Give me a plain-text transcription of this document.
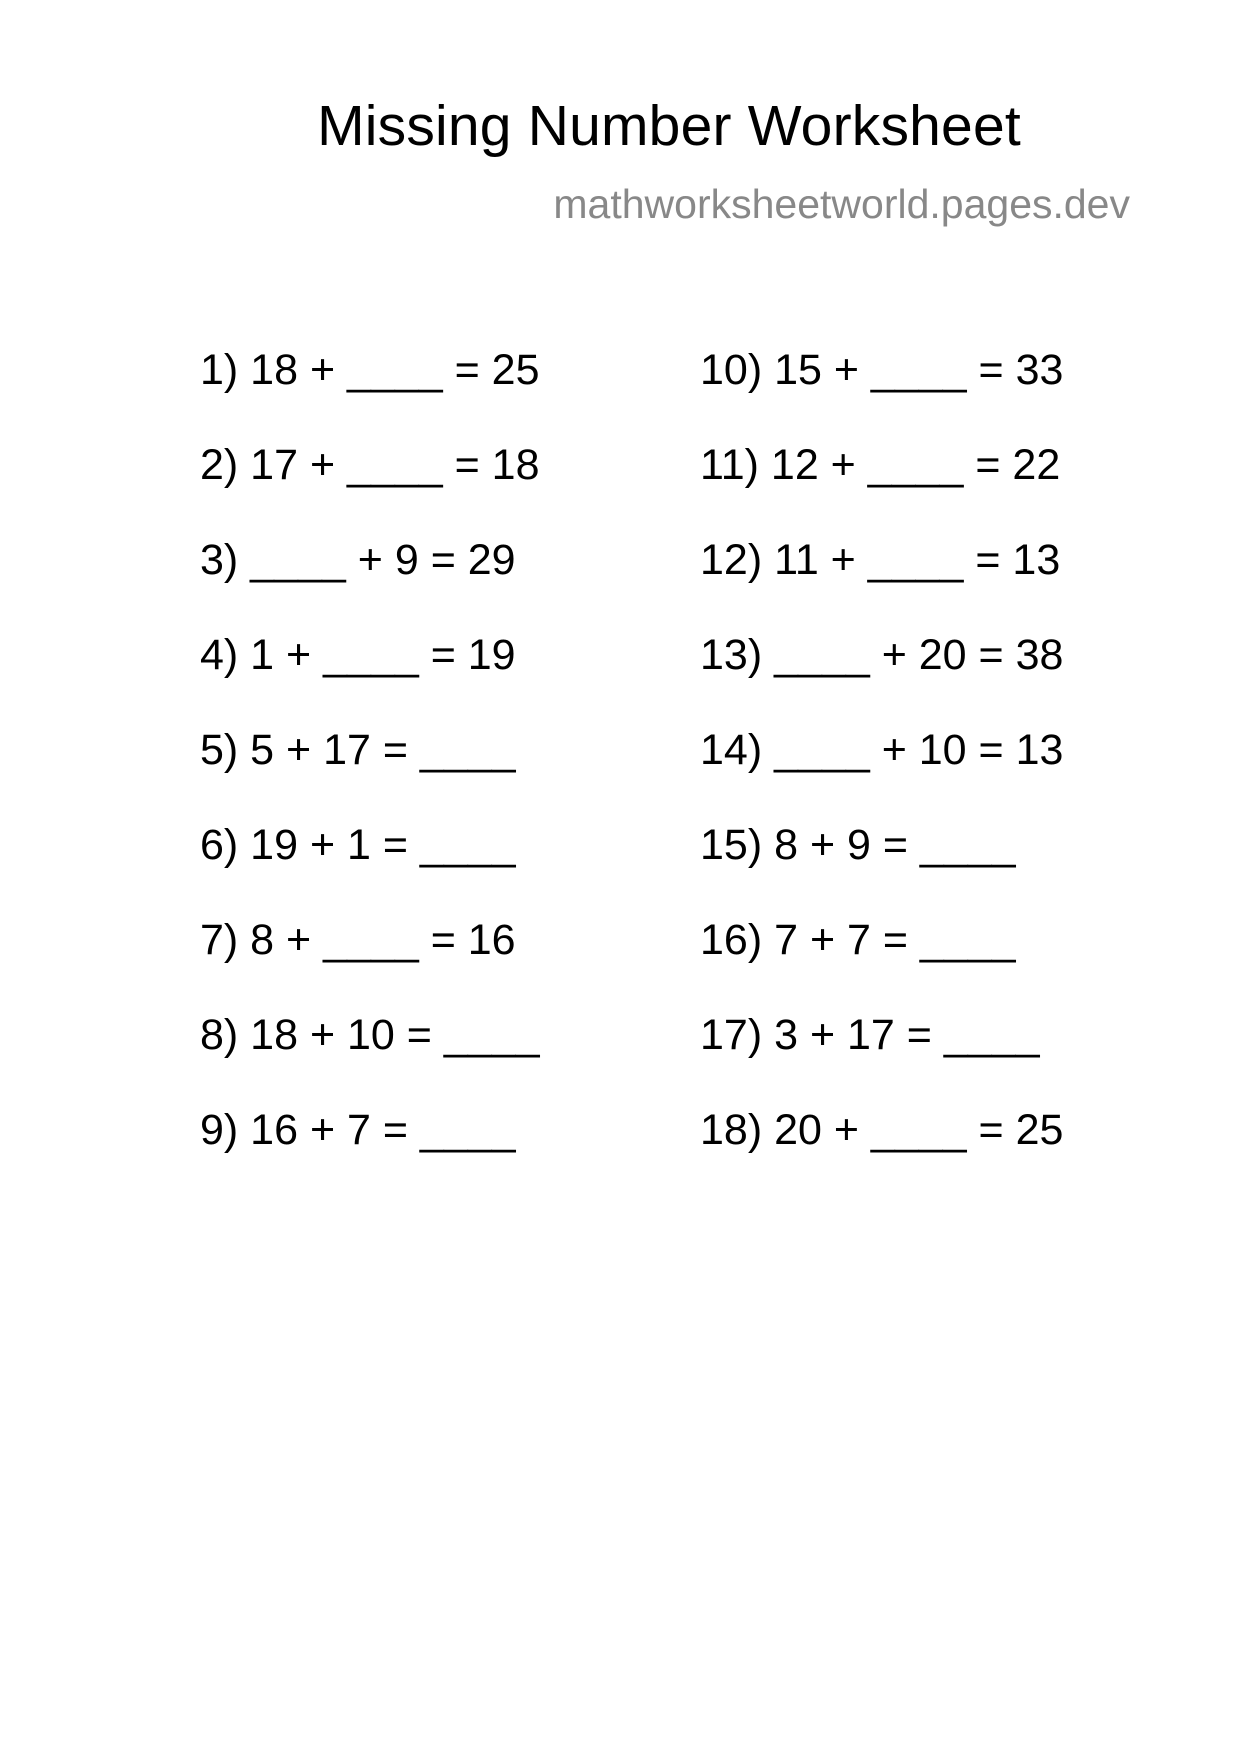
Missing Number Worksheet
mathworksheetworld.pages.dev
1) 18 + ____ = 25
2) 17 + ____ = 18
3) ____ + 9 = 29
4) 1 + ____ = 19
5) 5 + 17 = ____
6) 19 + 1 = ____
7) 8 + ____ = 16
8) 18 + 10 = ____
9) 16 + 7 = ____
10) 15 + ____ = 33
11) 12 + ____ = 22
12) 11 + ____ = 13
13) ____ + 20 = 38
14) ____ + 10 = 13
15) 8 + 9 = ____
16) 7 + 7 = ____
17) 3 + 17 = ____
18) 20 + ____ = 25
